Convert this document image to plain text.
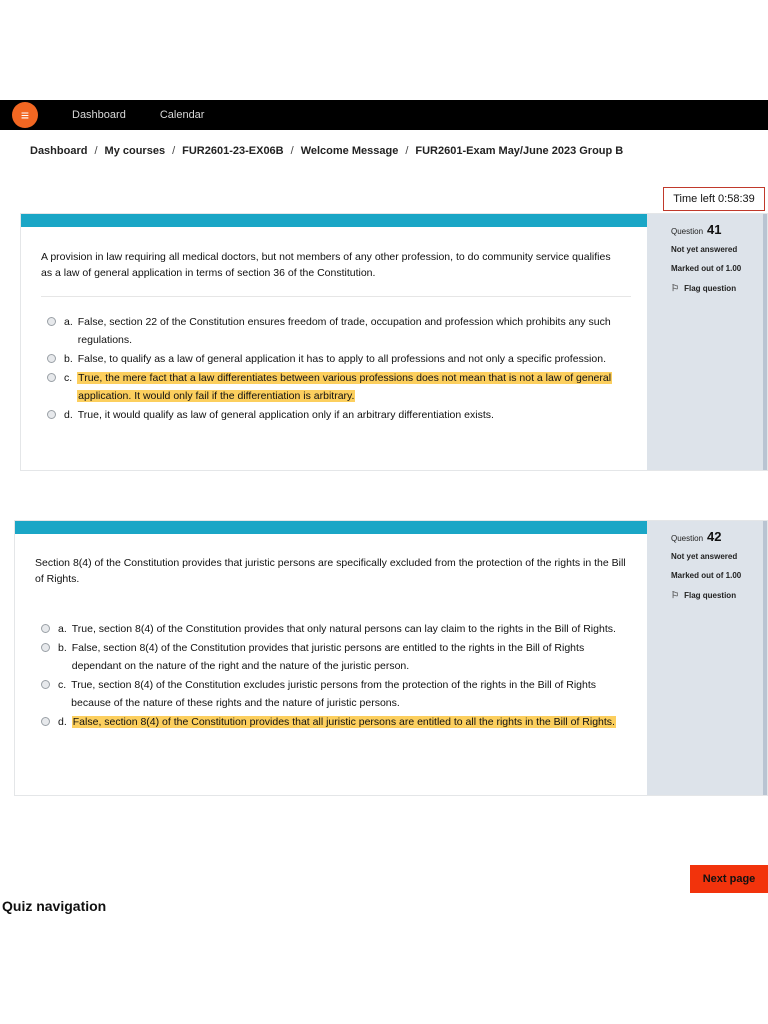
≡	Dashboard	Calendar
Dashboard / My courses / FUR2601-23-EX06B / Welcome Message / FUR2601-Exam May/June 2023 Group B
Time left 0:58:39
A provision in law requiring all medical doctors, but not members of any other profession, to do community service qualifies as a law of general application in terms of section 36 of the Constitution.
a. False, section 22 of the Constitution ensures freedom of trade, occupation and profession which prohibits any such regulations.
b. False, to qualify as a law of general application it has to apply to all professions and not only a specific profession.
c. True, the mere fact that a law differentiates between various professions does not mean that is not a law of general application. It would only fail if the differentiation is arbitrary.
d. True, it would qualify as law of general application only if an arbitrary differentiation exists.
Question 41
Not yet answered
Marked out of 1.00
⚐ Flag question
Section 8(4) of the Constitution provides that juristic persons are specifically excluded from the protection of the rights in the Bill of Rights.
a. True, section 8(4) of the Constitution provides that only natural persons can lay claim to the rights in the Bill of Rights.
b. False, section 8(4) of the Constitution provides that juristic persons are entitled to the rights in the Bill of Rights dependant on the nature of the right and the nature of the juristic person.
c. True, section 8(4) of the Constitution excludes juristic persons from the protection of the rights in the Bill of Rights because of the nature of these rights and the nature of juristic persons.
d. False, section 8(4) of the Constitution provides that all juristic persons are entitled to all the rights in the Bill of Rights.
Question 42
Not yet answered
Marked out of 1.00
⚐ Flag question
Next page
Quiz navigation
